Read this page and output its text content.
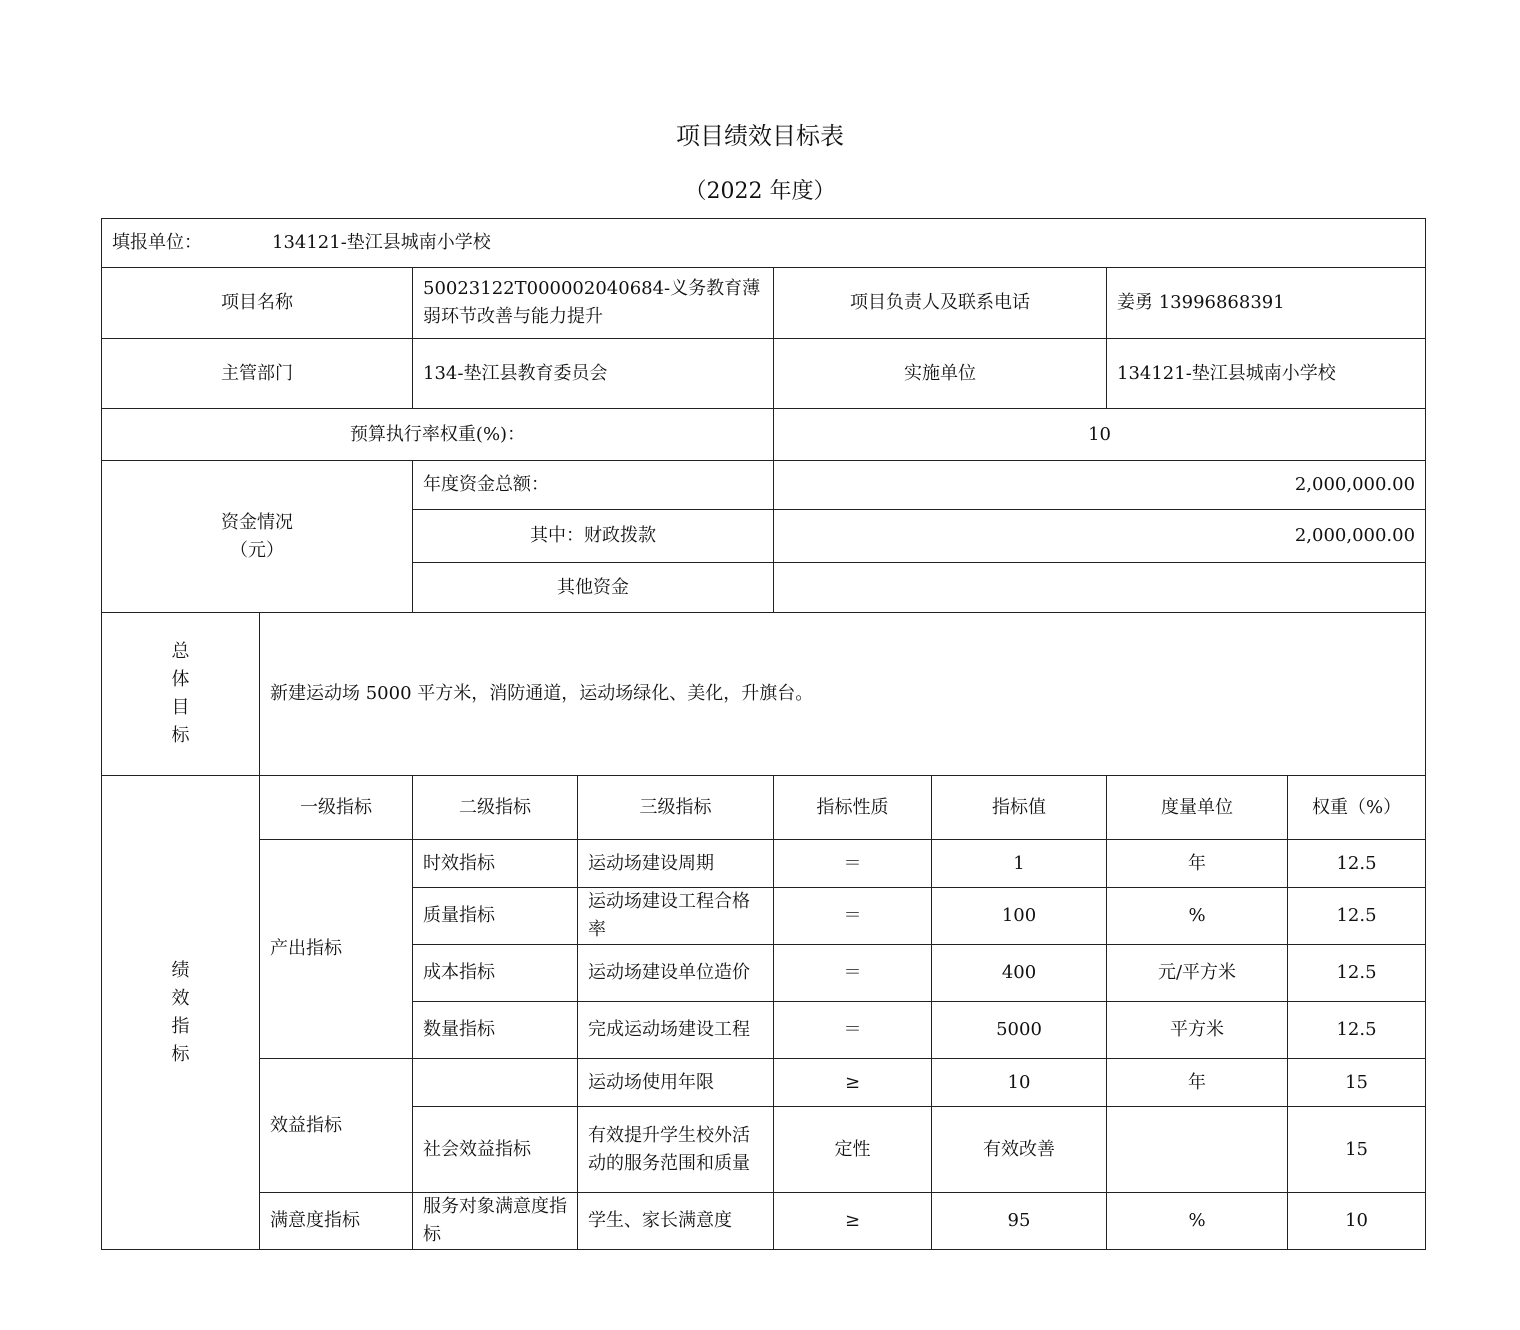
项目绩效目标表
（2022 年度）
填报单位： 134121-垫江县城南小学校							
项目名称		50023122T000002040684-义务教育薄弱环节改善与能力提升		项目负责人及联系电话		姜勇 13996868391	
主管部门		134-垫江县教育委员会		实施单位		134121-垫江县城南小学校	
预算执行率权重(%)：				10			

资金情况
（元）		年度资金总额：		2,000,000.00			
		其中：财政拨款		2,000,000.00			
		其他资金					

总
体
目
标	新建运动场 5000 平方米，消防通道，运动场绿化、美化，升旗台。						

绩
效
指
标	一级指标	二级指标	三级指标	指标性质	指标值	度量单位	权重（%）
	产出指标	时效指标	运动场建设周期	＝	1	年	12.5
		质量指标	运动场建设工程合格率	＝	100	%	12.5
		成本指标	运动场建设单位造价	＝	400	元/平方米	12.5
		数量指标	完成运动场建设工程	＝	5000	平方米	12.5
	效益指标		运动场使用年限	≥	10	年	15
		社会效益指标	有效提升学生校外活动的服务范围和质量	定性	有效改善		15
	满意度指标	服务对象满意度指标	学生、家长满意度	≥	95	%	10
